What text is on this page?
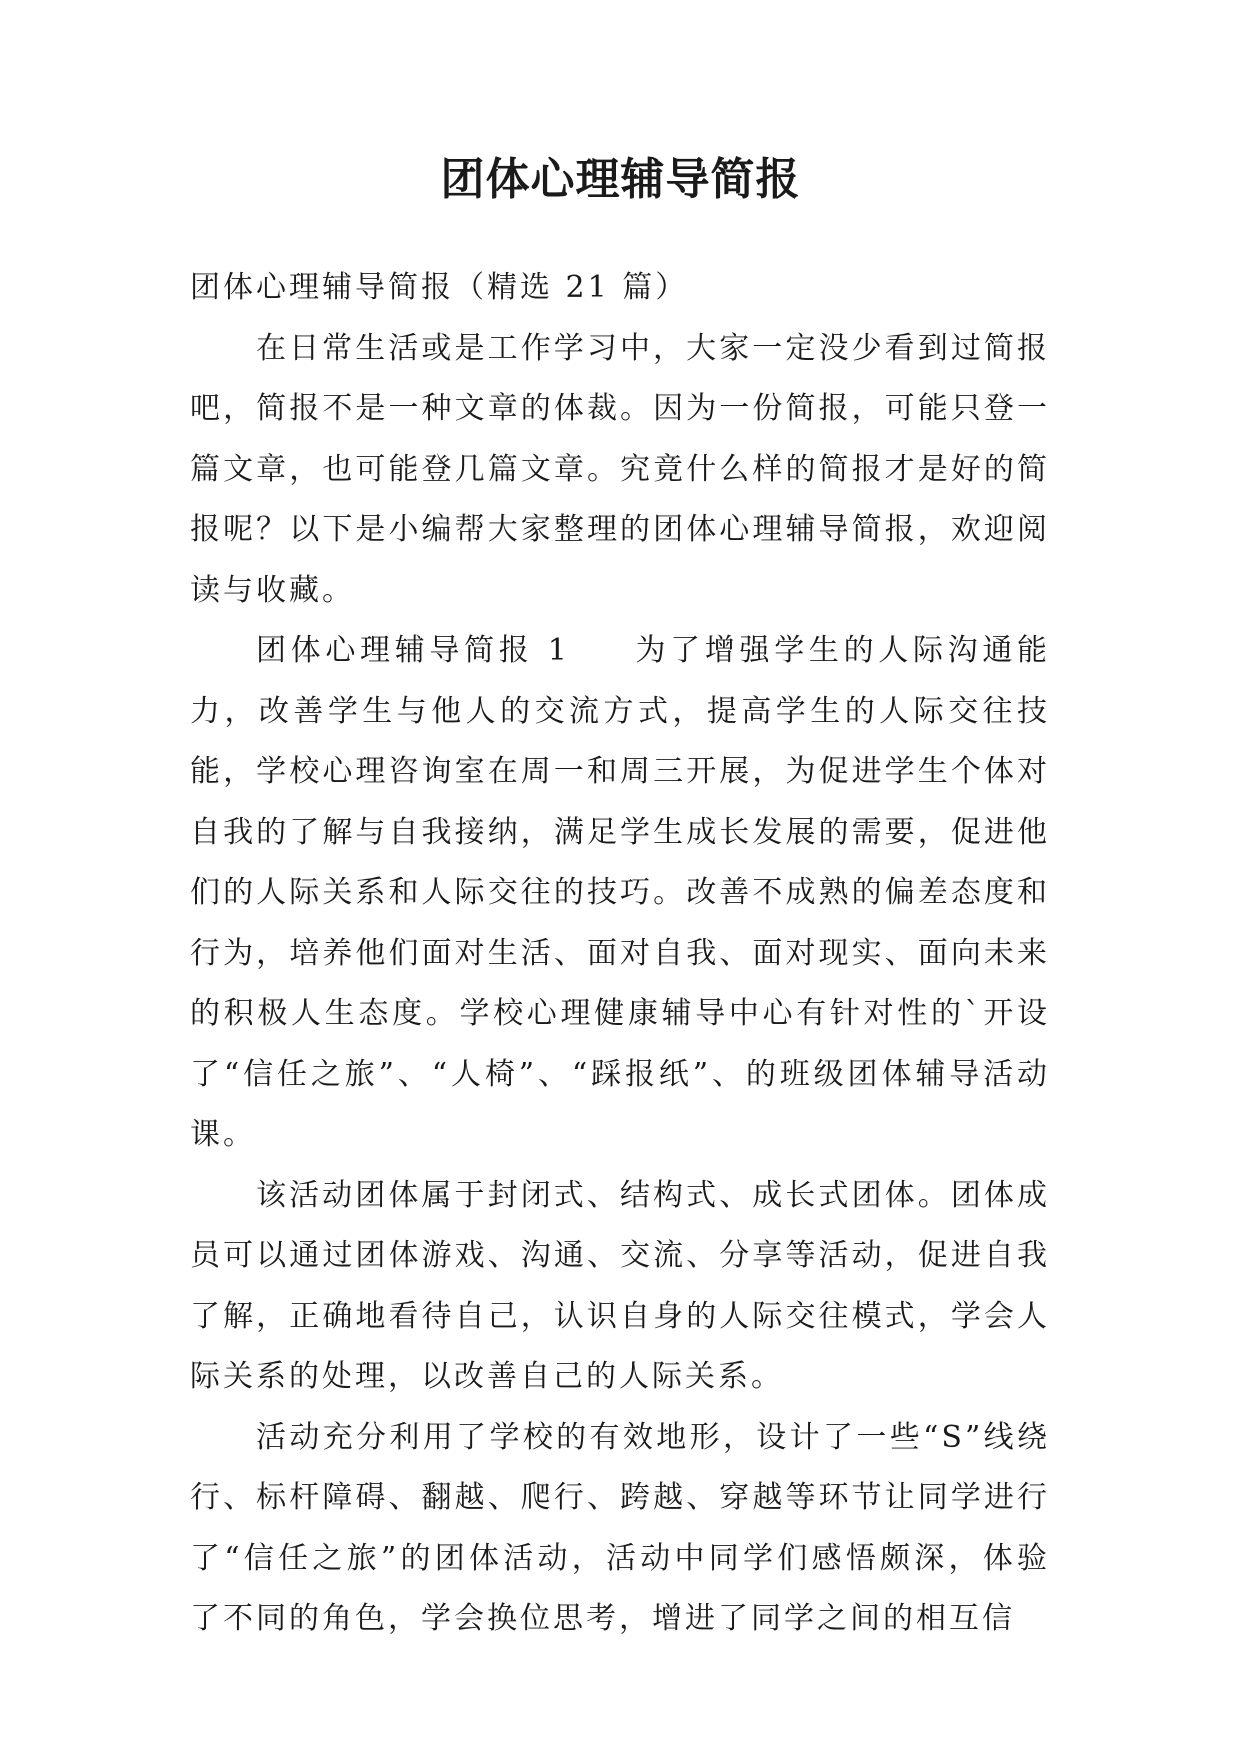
团体心理辅导简报

团体心理辅导简报（精选 21 篇）

在日常生活或是工作学习中，大家一定没少看到过简报吧，简报不是一种文章的体裁。因为一份简报，可能只登一篇文章，也可能登几篇文章。究竟什么样的简报才是好的简报呢？以下是小编帮大家整理的团体心理辅导简报，欢迎阅读与收藏。

团体心理辅导简报 1 为了增强学生的人际沟通能力，改善学生与他人的交流方式，提高学生的人际交往技能，学校心理咨询室在周一和周三开展，为促进学生个体对自我的了解与自我接纳，满足学生成长发展的需要，促进他们的人际关系和人际交往的技巧。改善不成熟的偏差态度和行为，培养他们面对生活、面对自我、面对现实、面向未来的积极人生态度。学校心理健康辅导中心有针对性的`开设了“信任之旅”、“人椅”、“踩报纸”、的班级团体辅导活动课。

该活动团体属于封闭式、结构式、成长式团体。团体成员可以通过团体游戏、沟通、交流、分享等活动，促进自我了解，正确地看待自己，认识自身的人际交往模式，学会人际关系的处理，以改善自己的人际关系。

活动充分利用了学校的有效地形，设计了一些“S”线绕行、标杆障碍、翻越、爬行、跨越、穿越等环节让同学进行了“信任之旅”的团体活动，活动中同学们感悟颇深，体验了不同的角色，学会换位思考，增进了同学之间的相互信
